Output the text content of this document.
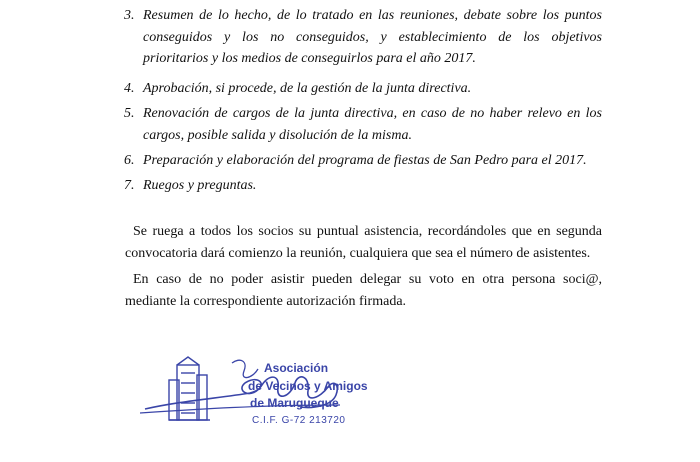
3. Resumen de lo hecho, de lo tratado en las reuniones, debate sobre los puntos
conseguidos y los no conseguidos, y establecimiento de los objetivos
prioritarios y los medios de conseguirlos para el año 2017.
4. Aprobación, si procede, de la gestión de la junta directiva.
5. Renovación de cargos de la junta directiva, en caso de no haber relevo en los
cargos, posible salida y disolución de la misma.
6. Preparación y elaboración del programa de fiestas de San Pedro para el 2017.
7. Ruegos y preguntas.
Se ruega a todos los socios su puntual asistencia, recordándoles que en segunda
convocatoria dará comienzo la reunión, cualquiera que sea el número de asistentes.
En caso de no poder asistir pueden delegar su voto en otra persona soci@,
mediante la correspondiente autorización firmada.
Asociación
de Vecinos y Amigos
de Marugueque
C.I.F. G-72 213720
